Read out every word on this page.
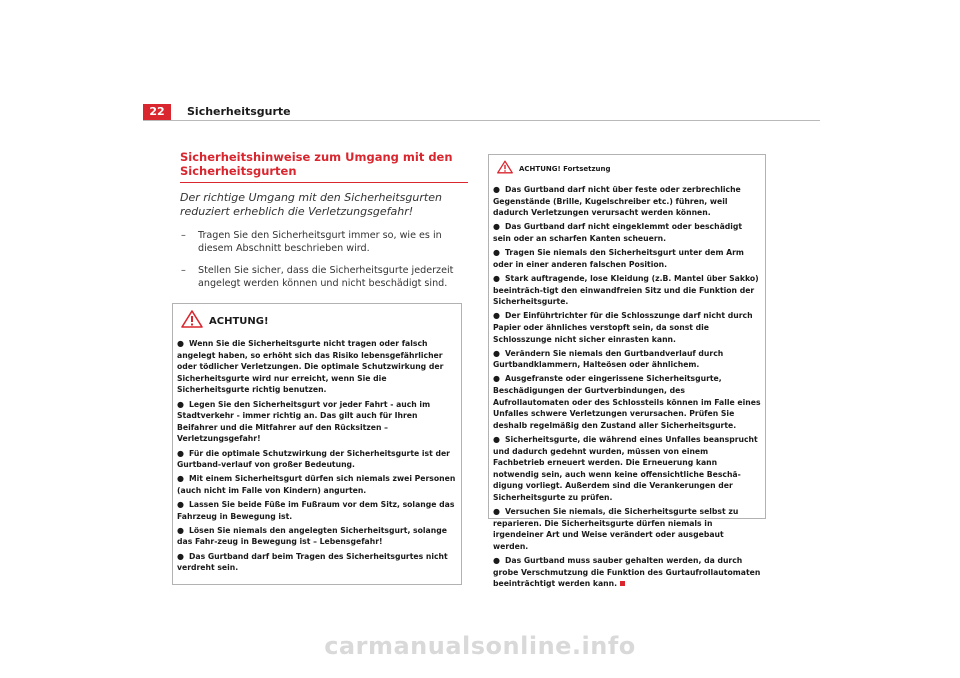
22	Sicherheitsgurte
Sicherheitshinweise zum Umgang mit den Sicherheitsgurten

Der richtige Umgang mit den Sicherheitsgurten reduziert erheblich die Verletzungsgefahr!

– Tragen Sie den Sicherheitsgurt immer so, wie es in diesem Abschnitt beschrieben wird.
– Stellen Sie sicher, dass die Sicherheitsgurte jederzeit angelegt werden können und nicht beschädigt sind.
ACHTUNG!
● Wenn Sie die Sicherheitsgurte nicht tragen oder falsch angelegt haben, so erhöht sich das Risiko lebensgefährlicher oder tödlicher Verletzungen. Die optimale Schutzwirkung der Sicherheitsgurte wird nur erreicht, wenn Sie die Sicherheitsgurte richtig benutzen.
● Legen Sie den Sicherheitsgurt vor jeder Fahrt - auch im Stadtverkehr - immer richtig an. Das gilt auch für Ihren Beifahrer und die Mitfahrer auf den Rücksitzen – Verletzungsgefahr!
● Für die optimale Schutzwirkung der Sicherheitsgurte ist der Gurtband-verlauf von großer Bedeutung.
● Mit einem Sicherheitsgurt dürfen sich niemals zwei Personen (auch nicht im Falle von Kindern) angurten.
● Lassen Sie beide Füße im Fußraum vor dem Sitz, solange das Fahrzeug in Bewegung ist.
● Lösen Sie niemals den angelegten Sicherheitsgurt, solange das Fahr-zeug in Bewegung ist – Lebensgefahr!
● Das Gurtband darf beim Tragen des Sicherheitsgurtes nicht verdreht sein.
ACHTUNG! Fortsetzung
● Das Gurtband darf nicht über feste oder zerbrechliche Gegenstände (Brille, Kugelschreiber etc.) führen, weil dadurch Verletzungen verursacht werden können.
● Das Gurtband darf nicht eingeklemmt oder beschädigt sein oder an scharfen Kanten scheuern.
● Tragen Sie niemals den Sicherheitsgurt unter dem Arm oder in einer anderen falschen Position.
● Stark auftragende, lose Kleidung (z.B. Mantel über Sakko) beeinträch-tigt den einwandfreien Sitz und die Funktion der Sicherheitsgurte.
● Der Einführtrichter für die Schlosszunge darf nicht durch Papier oder ähnliches verstopft sein, da sonst die Schlosszunge nicht sicher einrasten kann.
● Verändern Sie niemals den Gurtbandverlauf durch Gurtbandklammern, Halteösen oder ähnlichem.
● Ausgefranste oder eingerissene Sicherheitsgurte, Beschädigungen der Gurtverbindungen, des Aufrollautomaten oder des Schlossteils können im Falle eines Unfalles schwere Verletzungen verursachen. Prüfen Sie deshalb regelmäßig den Zustand aller Sicherheitsgurte.
● Sicherheitsgurte, die während eines Unfalles beansprucht und dadurch gedehnt wurden, müssen von einem Fachbetrieb erneuert werden. Die Erneuerung kann notwendig sein, auch wenn keine offensichtliche Beschä-digung vorliegt. Außerdem sind die Verankerungen der Sicherheitsgurte zu prüfen.
● Versuchen Sie niemals, die Sicherheitsgurte selbst zu reparieren. Die Sicherheitsgurte dürfen niemals in irgendeiner Art und Weise verändert oder ausgebaut werden.
● Das Gurtband muss sauber gehalten werden, da durch grobe Verschmutzung die Funktion des Gurtaufrollautomaten beeinträchtigt werden kann.
carmanualsonline.info
